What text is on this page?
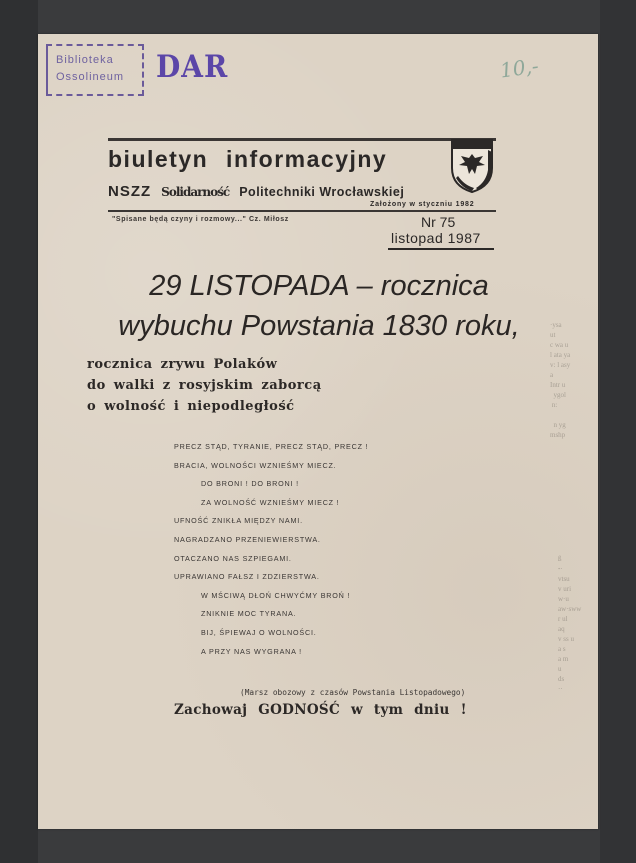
Biblioteka
Ossolineum	DAR	10,-
biuletyn informacyjny
NSZZ Solidarność Politechniki Wrocławskiej
Założony w styczniu 1982
"Spisane będą czyny i rozmowy..." Cz. Miłosz	Nr 75
listopad 1987
29 LISTOPADA – rocznica
wybuchu Powstania 1830 roku,
rocznica zrywu Polaków
do walki z rosyjskim zaborcą
o wolność i niepodległość
PRECZ STĄD, TYRANIE, PRECZ STĄD, PRECZ !
BRACIA, WOLNOŚCI WZNIEŚMY MIECZ.
DO BRONI ! DO BRONI !
ZA WOLNOŚĆ WZNIEŚMY MIECZ !
UFNOŚĆ ZNIKŁA MIĘDZY NAMI.
NAGRADZANO PRZENIEWIERSTWA.
OTACZANO NAS SZPIEGAMI.
UPRAWIANO FAŁSZ I ZDZIERSTWA.
W MŚCIWĄ DŁOŃ CHWYĆMY BROŃ !
ZNIKNIE MOC TYRANA.
BIJ, ŚPIEWAJ O WOLNOŚCI.
A PRZY NAS WYGRANA !
(Marsz obozowy z czasów Powstania Listopadowego)
Zachowaj GODNOŚĆ w tym dniu !
·ysa
ut
c wa u
l ata ya
v: l asy
a
Intr u
ygol
n:

n yg
mshp
ß
ꞏ·
vtsu
v uri
w·u
aw·sww
r ul
aq
v ss u
a s
a m
u
ds
··
